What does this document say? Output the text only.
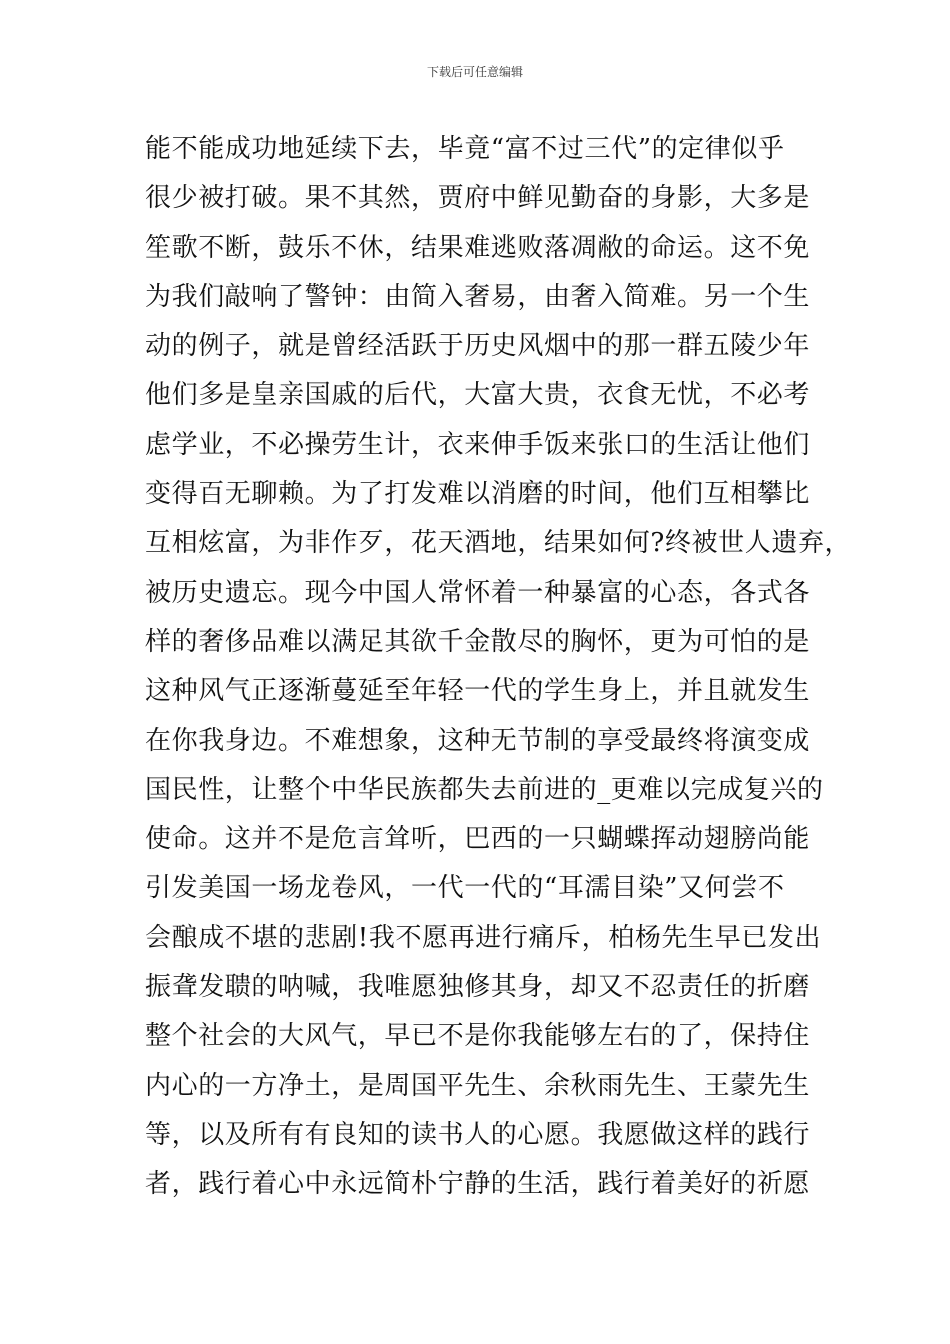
下载后可任意编辑
能不能成功地延续下去，毕竟“富不过三代”的定律似乎
很少被打破。果不其然，贾府中鲜见勤奋的身影，大多是
笙歌不断，鼓乐不休，结果难逃败落凋敝的命运。这不免
为我们敲响了警钟：由简入奢易，由奢入简难。另一个生
动的例子，就是曾经活跃于历史风烟中的那一群五陵少年
他们多是皇亲国戚的后代，大富大贵，衣食无忧，不必考
虑学业，不必操劳生计，衣来伸手饭来张口的生活让他们
变得百无聊赖。为了打发难以消磨的时间，他们互相攀比
互相炫富，为非作歹，花天酒地，结果如何?终被世人遗弃，
被历史遗忘。现今中国人常怀着一种暴富的心态，各式各
样的奢侈品难以满足其欲千金散尽的胸怀，更为可怕的是
这种风气正逐渐蔓延至年轻一代的学生身上，并且就发生
在你我身边。不难想象，这种无节制的享受最终将演变成
国民性，让整个中华民族都失去前进的_更难以完成复兴的
使命。这并不是危言耸听，巴西的一只蝴蝶挥动翅膀尚能
引发美国一场龙卷风，一代一代的“耳濡目染”又何尝不
会酿成不堪的悲剧!我不愿再进行痛斥，柏杨先生早已发出
振聋发聩的呐喊，我唯愿独修其身，却又不忍责任的折磨
整个社会的大风气，早已不是你我能够左右的了，保持住
内心的一方净土，是周国平先生、余秋雨先生、王蒙先生
等，以及所有有良知的读书人的心愿。我愿做这样的践行
者，践行着心中永远简朴宁静的生活，践行着美好的祈愿
